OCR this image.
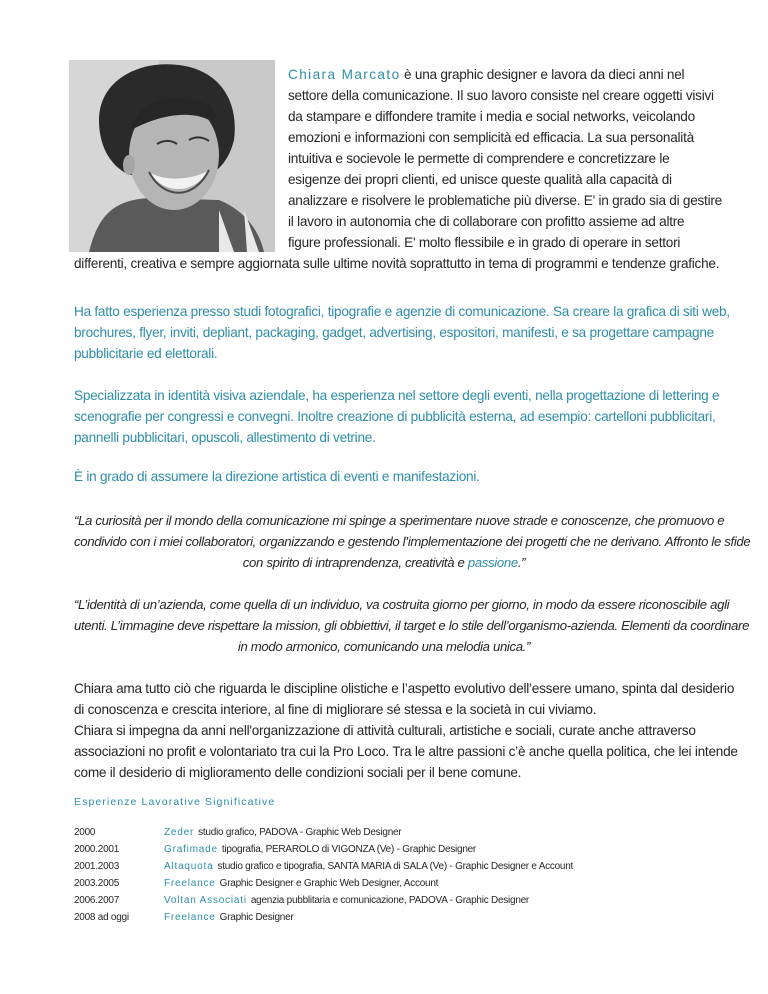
Chiara Marcato è una graphic designer e lavora da dieci anni nel
settore della comunicazione. Il suo lavoro consiste nel creare oggetti visivi
da stampare e diffondere tramite i media e social networks, veicolando
emozioni e informazioni con semplicità ed efficacia. La sua personalità
intuitiva e socievole le permette di comprendere e concretizzare le
esigenze dei propri clienti, ed unisce queste qualità alla capacità di
analizzare e risolvere le problematiche più diverse. E' in grado sia di gestire
il lavoro in autonomia che di collaborare con profitto assieme ad altre
figure professionali. E' molto flessibile e in grado di operare in settori
differenti, creativa e sempre aggiornata sulle ultime novità soprattutto in tema di programmi e tendenze grafiche.
Ha fatto esperienza presso studi fotografici, tipografie e agenzie di comunicazione. Sa creare la grafica di siti web,
brochures, flyer, inviti, depliant, packaging, gadget, advertising, espositori, manifesti, e sa progettare campagne
pubblicitarie ed elettorali.
Specializzata in identità visiva aziendale, ha esperienza nel settore degli eventi, nella progettazione di lettering e
scenografie per congressi e convegni. Inoltre creazione di pubblicità esterna, ad esempio: cartelloni pubblicitari,
pannelli pubblicitari, opuscoli, allestimento di vetrine.
È in grado di assumere la direzione artistica di eventi e manifestazioni.
“La curiosità per il mondo della comunicazione mi spinge a sperimentare nuove strade e conoscenze, che promuovo e
condivido con i miei collaboratori, organizzando e gestendo l’implementazione dei progetti che ne derivano. Affronto le sfide
con spirito di intraprendenza, creatività e passione.”
“L’identità di un’azienda, come quella di un individuo, va costruita giorno per giorno, in modo da essere riconoscibile agli
utenti. L’immagine deve rispettare la mission, gli obbiettivi, il target e lo stile dell’organismo-azienda. Elementi da coordinare
in modo armonico, comunicando una melodia unica.”
Chiara ama tutto ciò che riguarda le discipline olistiche e l’aspetto evolutivo dell’essere umano, spinta dal desiderio
di conoscenza e crescita interiore, al fine di migliorare sé stessa e la società in cui viviamo.
Chiara si impegna da anni nell'organizzazione di attività culturali, artistiche e sociali, curate anche attraverso
associazioni no profit e volontariato tra cui la Pro Loco. Tra le altre passioni c’è anche quella politica, che lei intende
come il desiderio di miglioramento delle condizioni sociali per il bene comune.
Esperienze Lavorative Significative
2000	Zeder studio grafico, PADOVA - Graphic Web Designer
2000.2001	Grafimade tipografia, PERAROLO di VIGONZA (Ve) - Graphic Designer
2001.2003	Altaquota studio grafico e tipografia, SANTA MARIA di SALA (Ve) - Graphic Designer e Account
2003.2005	Freelance Graphic Designer e Graphic Web Designer, Account
2006.2007	Voltan Associati agenzia pubblitaria e comunicazione, PADOVA - Graphic Designer
2008 ad oggi	Freelance Graphic Designer
